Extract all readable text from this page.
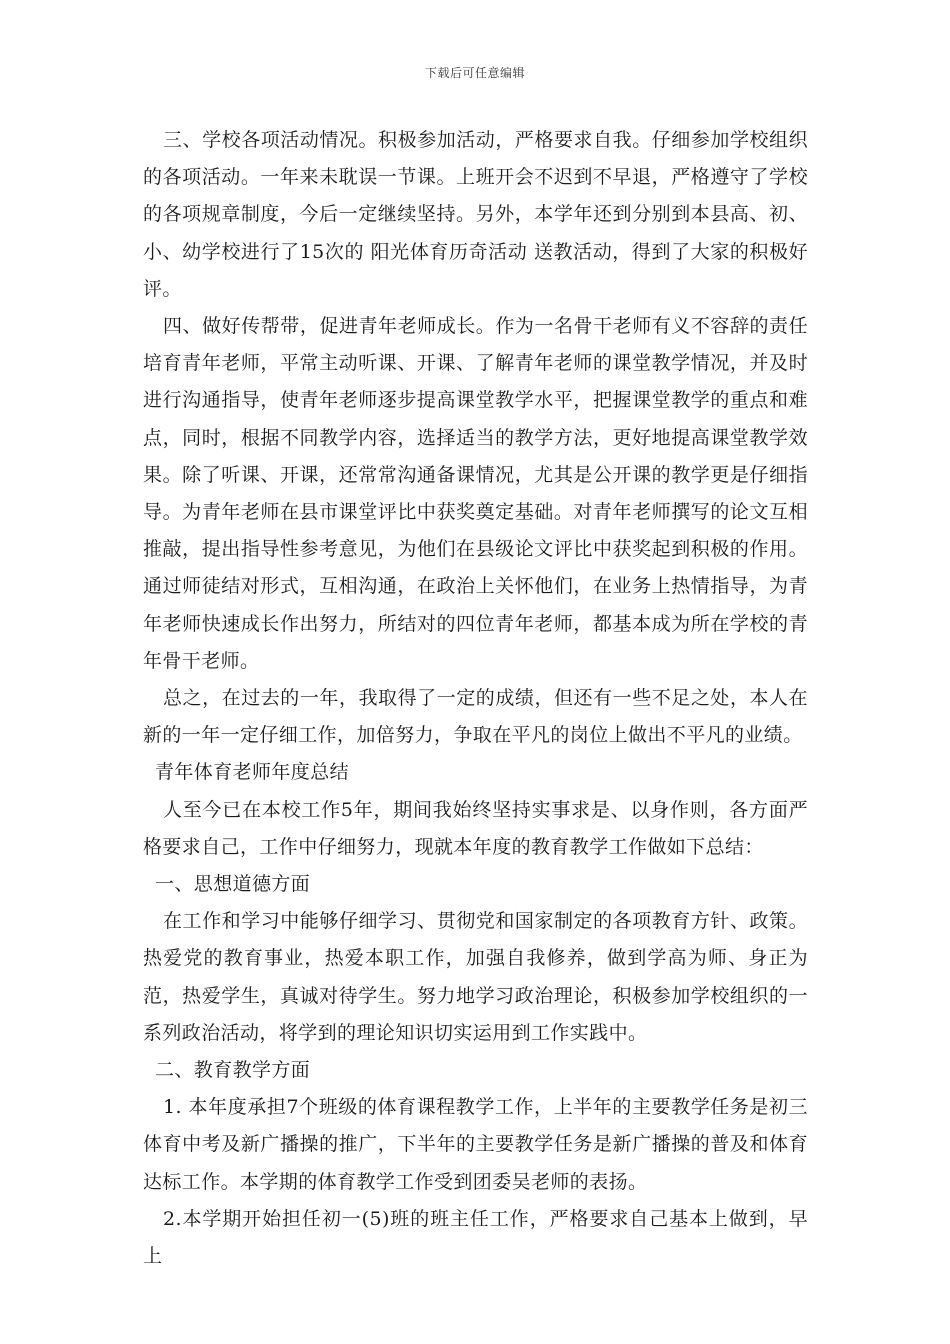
下载后可任意编辑

三、学校各项活动情况。积极参加活动，严格要求自我。仔细参加学校组织的各项活动。一年来未耽误一节课。上班开会不迟到不早退，严格遵守了学校的各项规章制度，今后一定继续坚持。另外，本学年还到分别到本县高、初、小、幼学校进行了15次的 阳光体育历奇活动 送教活动，得到了大家的积极好评。

四、做好传帮带，促进青年老师成长。作为一名骨干老师有义不容辞的责任培育青年老师，平常主动听课、开课、了解青年老师的课堂教学情况，并及时进行沟通指导，使青年老师逐步提高课堂教学水平，把握课堂教学的重点和难点，同时，根据不同教学内容，选择适当的教学方法，更好地提高课堂教学效果。除了听课、开课，还常常沟通备课情况，尤其是公开课的教学更是仔细指导。为青年老师在县市课堂评比中获奖奠定基础。对青年老师撰写的论文互相推敲，提出指导性参考意见，为他们在县级论文评比中获奖起到积极的作用。通过师徒结对形式，互相沟通，在政治上关怀他们，在业务上热情指导，为青年老师快速成长作出努力，所结对的四位青年老师，都基本成为所在学校的青年骨干老师。

总之，在过去的一年，我取得了一定的成绩，但还有一些不足之处，本人在新的一年一定仔细工作，加倍努力，争取在平凡的岗位上做出不平凡的业绩。

青年体育老师年度总结

人至今已在本校工作5年，期间我始终坚持实事求是、以身作则，各方面严格要求自己，工作中仔细努力，现就本年度的教育教学工作做如下总结：

一、思想道德方面

在工作和学习中能够仔细学习、贯彻党和国家制定的各项教育方针、政策。热爱党的教育事业，热爱本职工作，加强自我修养，做到学高为师、身正为范，热爱学生，真诚对待学生。努力地学习政治理论，积极参加学校组织的一系列政治活动，将学到的理论知识切实运用到工作实践中。

二、教育教学方面

1. 本年度承担7个班级的体育课程教学工作，上半年的主要教学任务是初三体育中考及新广播操的推广，下半年的主要教学任务是新广播操的普及和体育达标工作。本学期的体育教学工作受到团委吴老师的表扬。

2.本学期开始担任初一(5)班的班主任工作，严格要求自己基本上做到，早上
